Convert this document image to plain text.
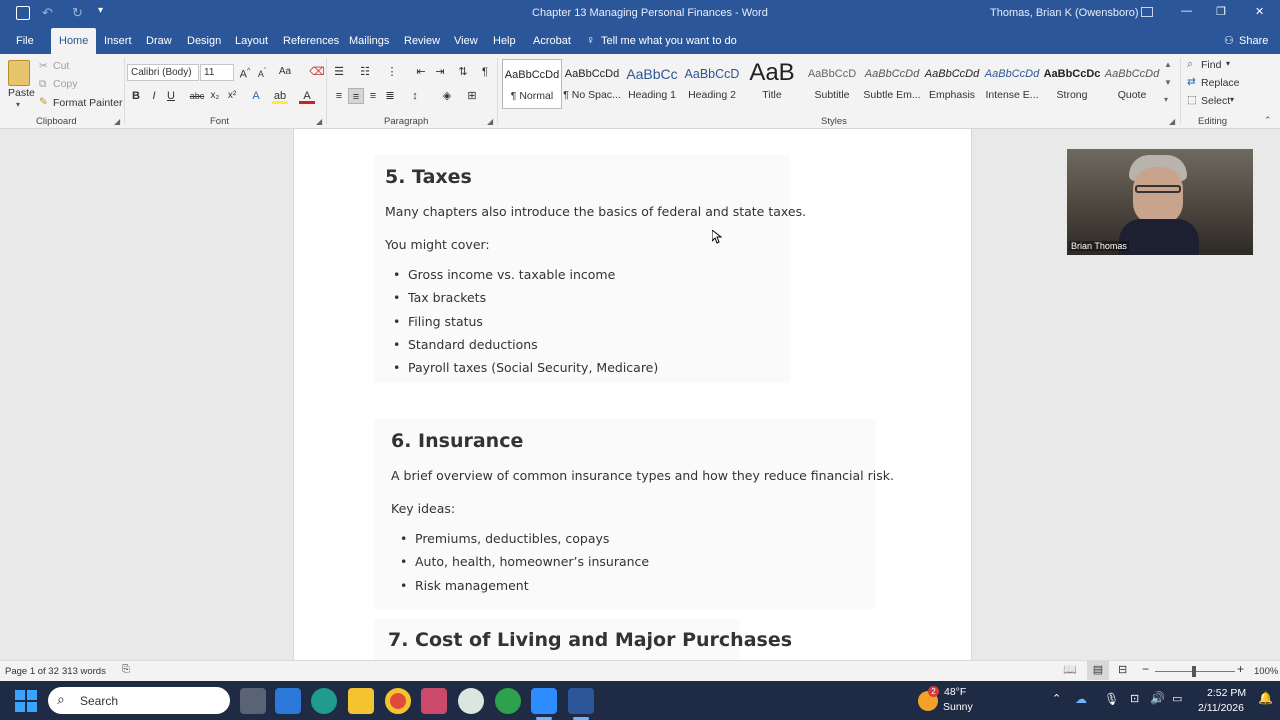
↶ ↻ ▾	Chapter 13 Managing Personal Finances - Word	Thomas, Brian K (Owensboro)	— ❐	✕
File	Home	Insert	Draw	Design	Layout	References Mailings	Review	View	Help	Acrobat	♀ Tell me what you want to do	⚇ Share
Paste
▾
✂ Cut
⧉ Copy
✎ Format Painter
Clipboard	◢
Calibri (Body)	11	A^ $A^ˇ$	Aa ⌫
B	I	U	abc x₂ x²	A	ab	A
Font	◢
☰ ☷ ⋮	⇤ ⇥	⇅	¶
≡ ≡ ≡ ≣	↕	◈	⊞
Paragraph	◢
AaBbCcDd
¶ Normal
AaBbCcDd
¶ No Spac...
AaBbCc
Heading 1
AaBbCcD
Heading 2
AaB
Title
AaBbCcD
Subtitle
AaBbCcDd
Subtle Em...
AaBbCcDd
Emphasis
AaBbCcDd
Intense E...
AaBbCcDc
Strong
AaBbCcDd
Quote
▲
▼
▾
Styles	◢
⌕ Find ▾
⇄ Replace
⬚ Select ▾
Editing	⌃
5. Taxes
Many chapters also introduce the basics of federal and state taxes.
You might cover:
• Gross income vs. taxable income
• Tax brackets
• Filing status
• Standard deductions
• Payroll taxes (Social Security, Medicare)
6. Insurance
A brief overview of common insurance types and how they reduce financial risk.
Key ideas:
• Premiums, deductibles, copays
• Auto, health, homeowner’s insurance
• Risk management
7. Cost of Living and Major Purchases
Brian Thomas
Page 1 of 32 313 words ⎘	📖	▤	⊟ −	+ 100%
⌕ Search
2 48°F
Sunny
⌃ ☁ 🎙 ⊡ 🔊 ▭ 2:52 PM
2/11/2026
🔔
